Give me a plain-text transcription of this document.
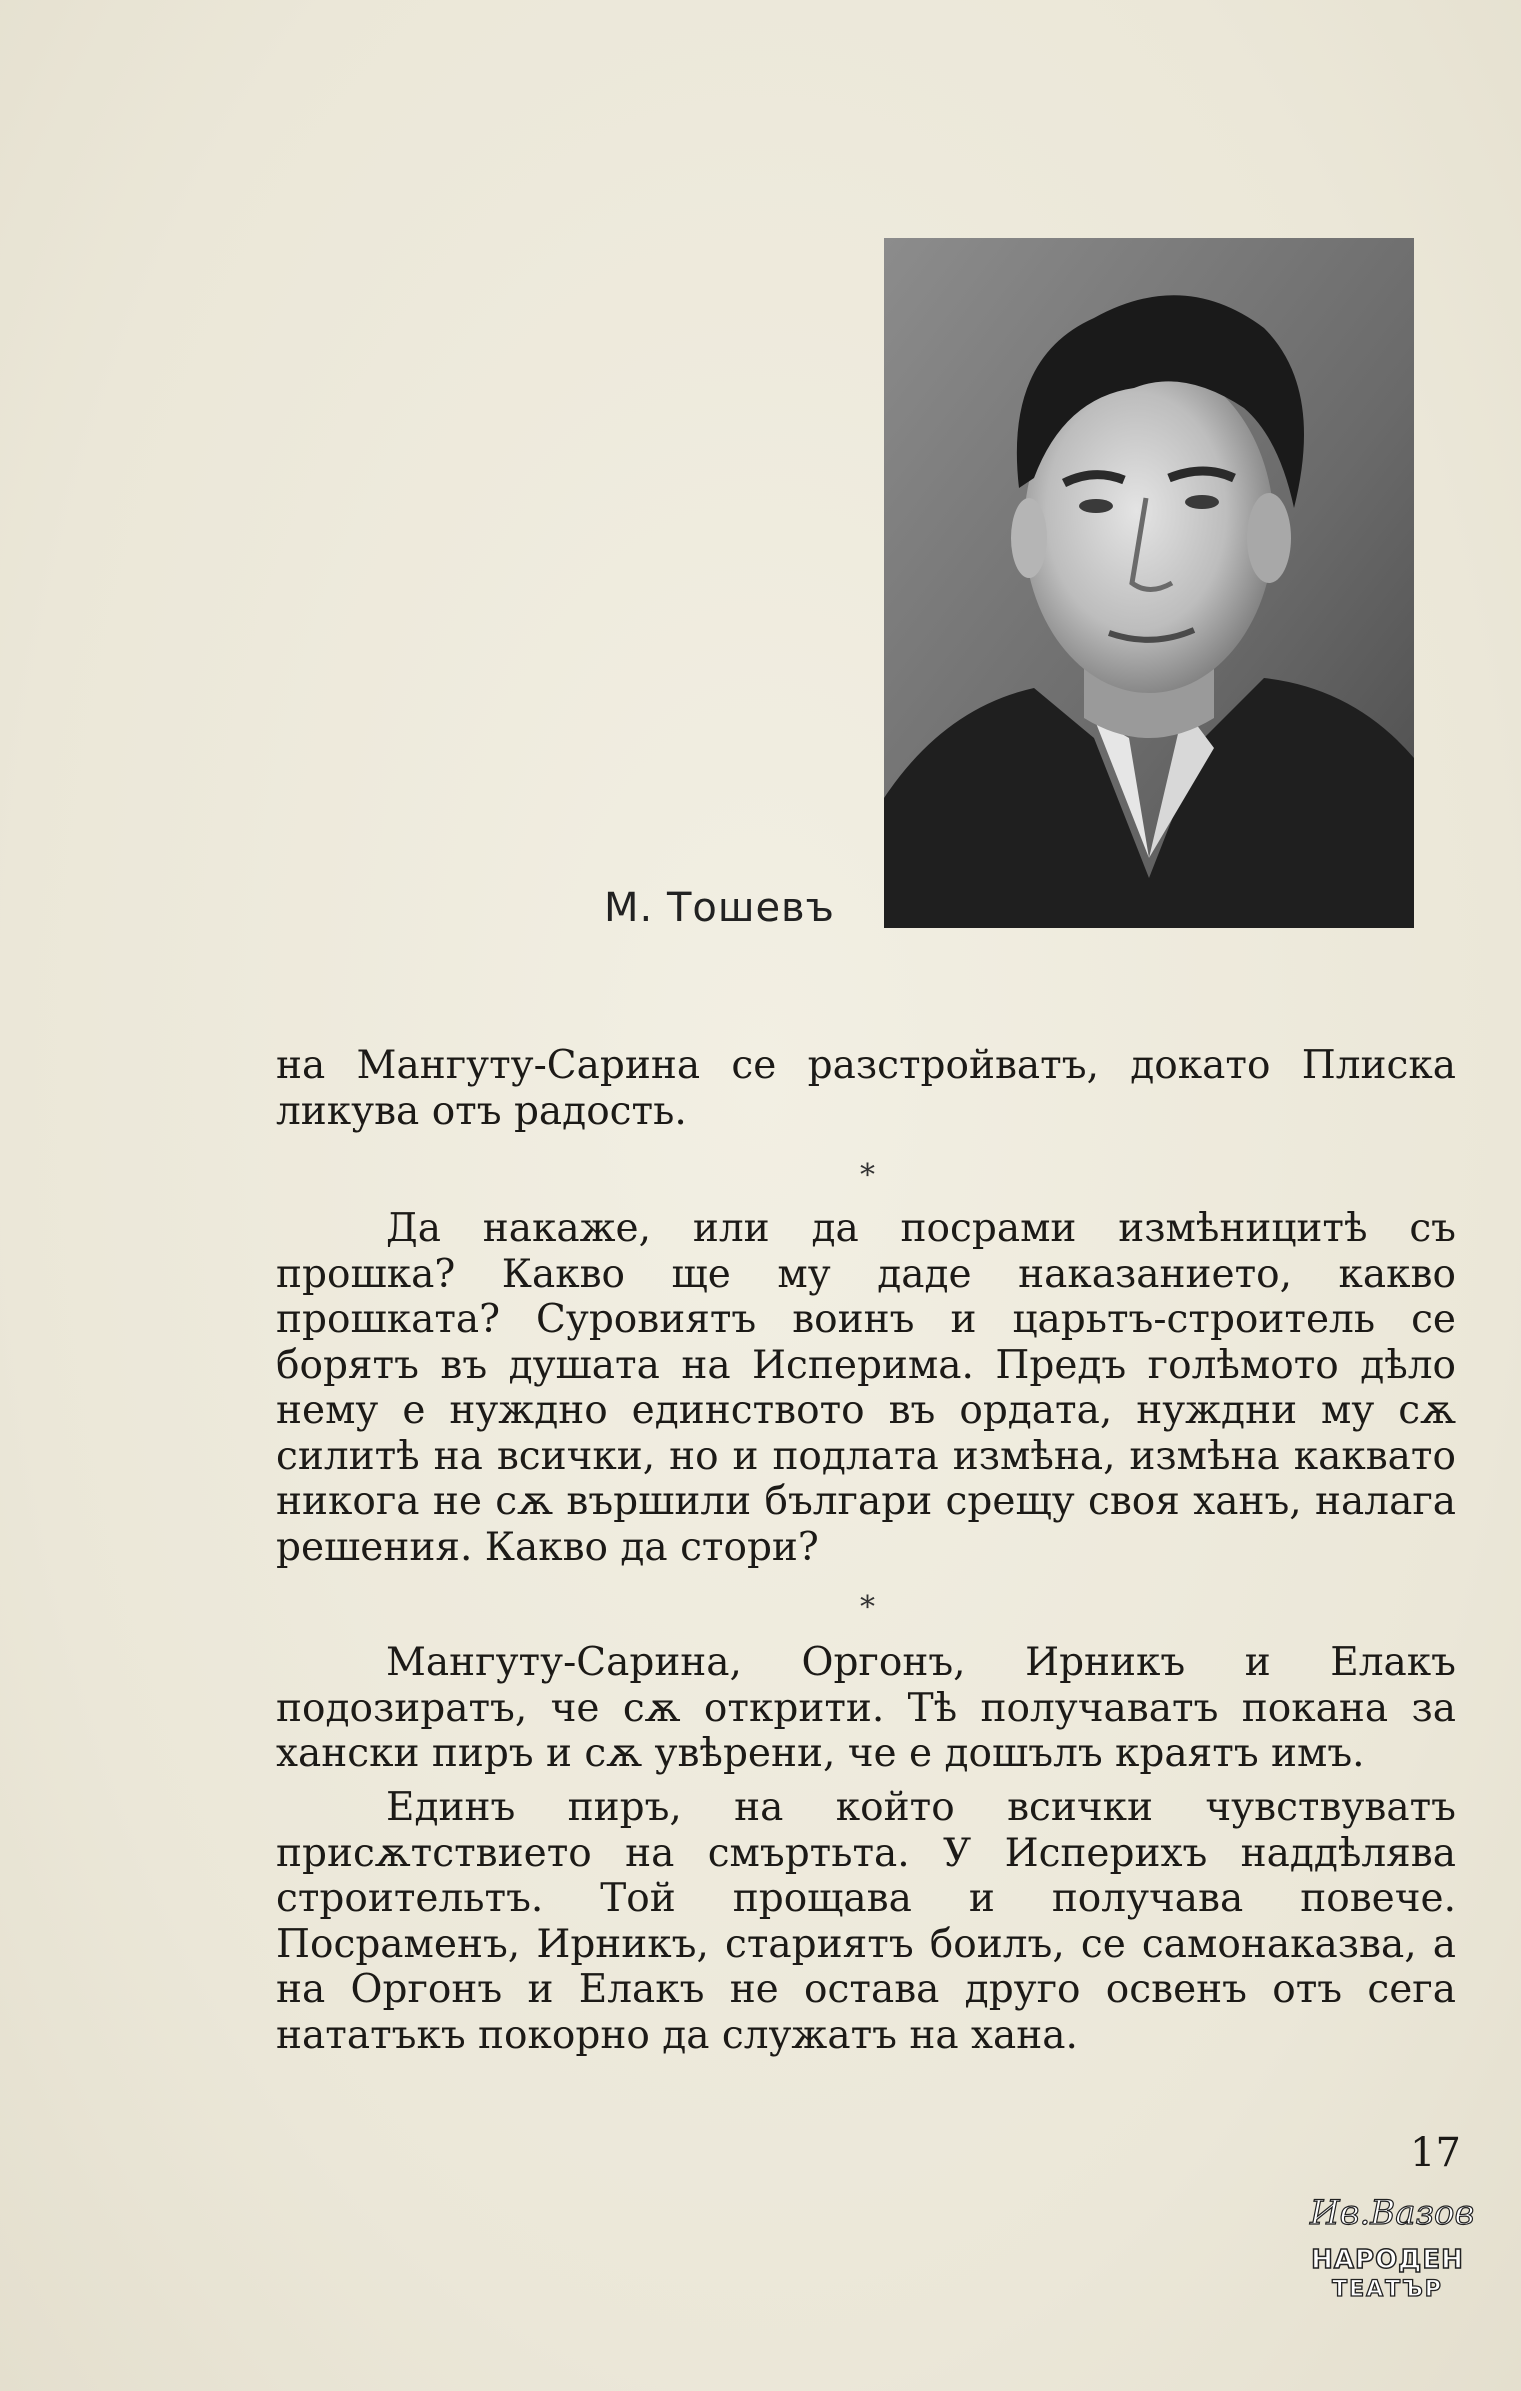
М. Тошевъ

на Мангуту-Сарина се разстройватъ, докато Плиска ликува отъ радость.

*

Да накаже, или да посрами измѣницитѣ съ прошка? Какво ще му даде наказанието, какво прошката? Суровиятъ воинъ и царьтъ-строитель се борятъ въ душата на Исперима. Предъ голѣмото дѣло нему е нуждно единството въ ордата, нуждни му сѫ силитѣ на всички, но и подлата измѣна, измѣна каквато никога не сѫ вършили българи срещу своя ханъ, налага решения. Какво да стори?

*

Мангуту-Сарина, Оргонъ, Ирникъ и Елакъ подозиратъ, че сѫ открити. Тѣ получаватъ покана за хански пиръ и сѫ увѣрени, че е дошълъ краятъ имъ.

Единъ пиръ, на който всички чувствуватъ присѫтствието на смъртьта. У Исперихъ наддѣлява строительтъ. Той прощава и получава повече. Посраменъ, Ирникъ, стариятъ боилъ, се самонаказва, а на Оргонъ и Елакъ не остава друго освенъ отъ сега нататъкъ покорно да служатъ на хана.

17
Ив.Вазов
НАРОДЕН
ТЕАТЪР
